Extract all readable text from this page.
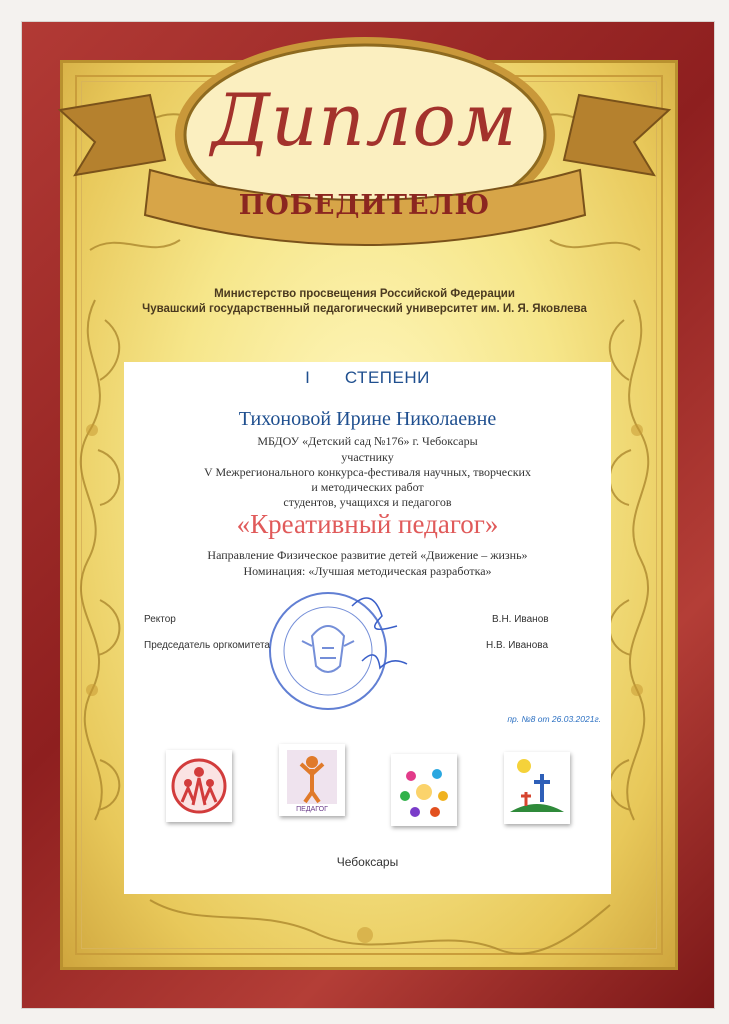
Диплом
ПОБЕДИТЕЛЮ
Министерство просвещения Российской Федерации
Чувашский государственный педагогический университет им. И. Я. Яковлева
I СТЕПЕНИ
Тихоновой Ирине Николаевне
МБДОУ «Детский сад №176» г. Чебоксары
участнику
V Межрегионального конкурса-фестиваля научных, творческих
и методических работ
студентов, учащихся и педагогов
«Креативный педагог»
Направление Физическое развитие детей «Движение – жизнь»
Номинация: «Лучшая методическая разработка»
Ректор	В.Н. Иванов
Председатель оргкомитета	Н.В. Иванова
пр. №8 от 26.03.2021г.
ПЕДАГОГ
Чебоксары
